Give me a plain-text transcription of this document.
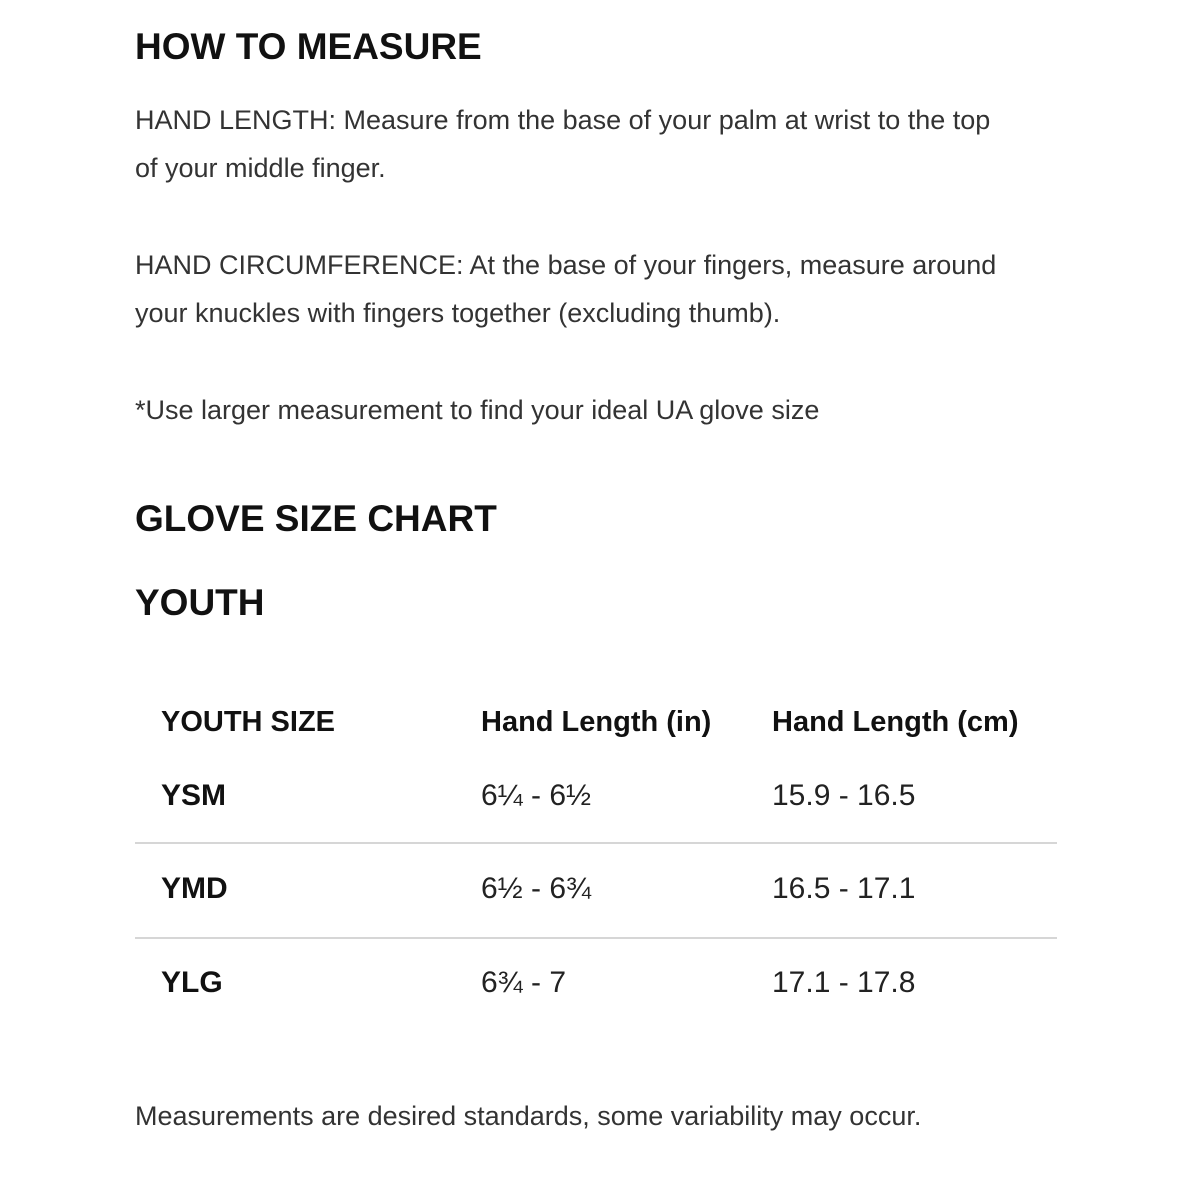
HOW TO MEASURE
HAND LENGTH: Measure from the base of your palm at wrist to the top
of your middle finger.
HAND CIRCUMFERENCE: At the base of your fingers, measure around
your knuckles with fingers together (excluding thumb).
*Use larger measurement to find your ideal UA glove size
GLOVE SIZE CHART
YOUTH
YOUTH SIZE	Hand Length (in) Hand Length (cm)
YSM	6¼ - 6½	15.9 - 16.5
YMD	6½ - 6¾	16.5 - 17.1
YLG	6¾ - 7	17.1 - 17.8
Measurements are desired standards, some variability may occur.
